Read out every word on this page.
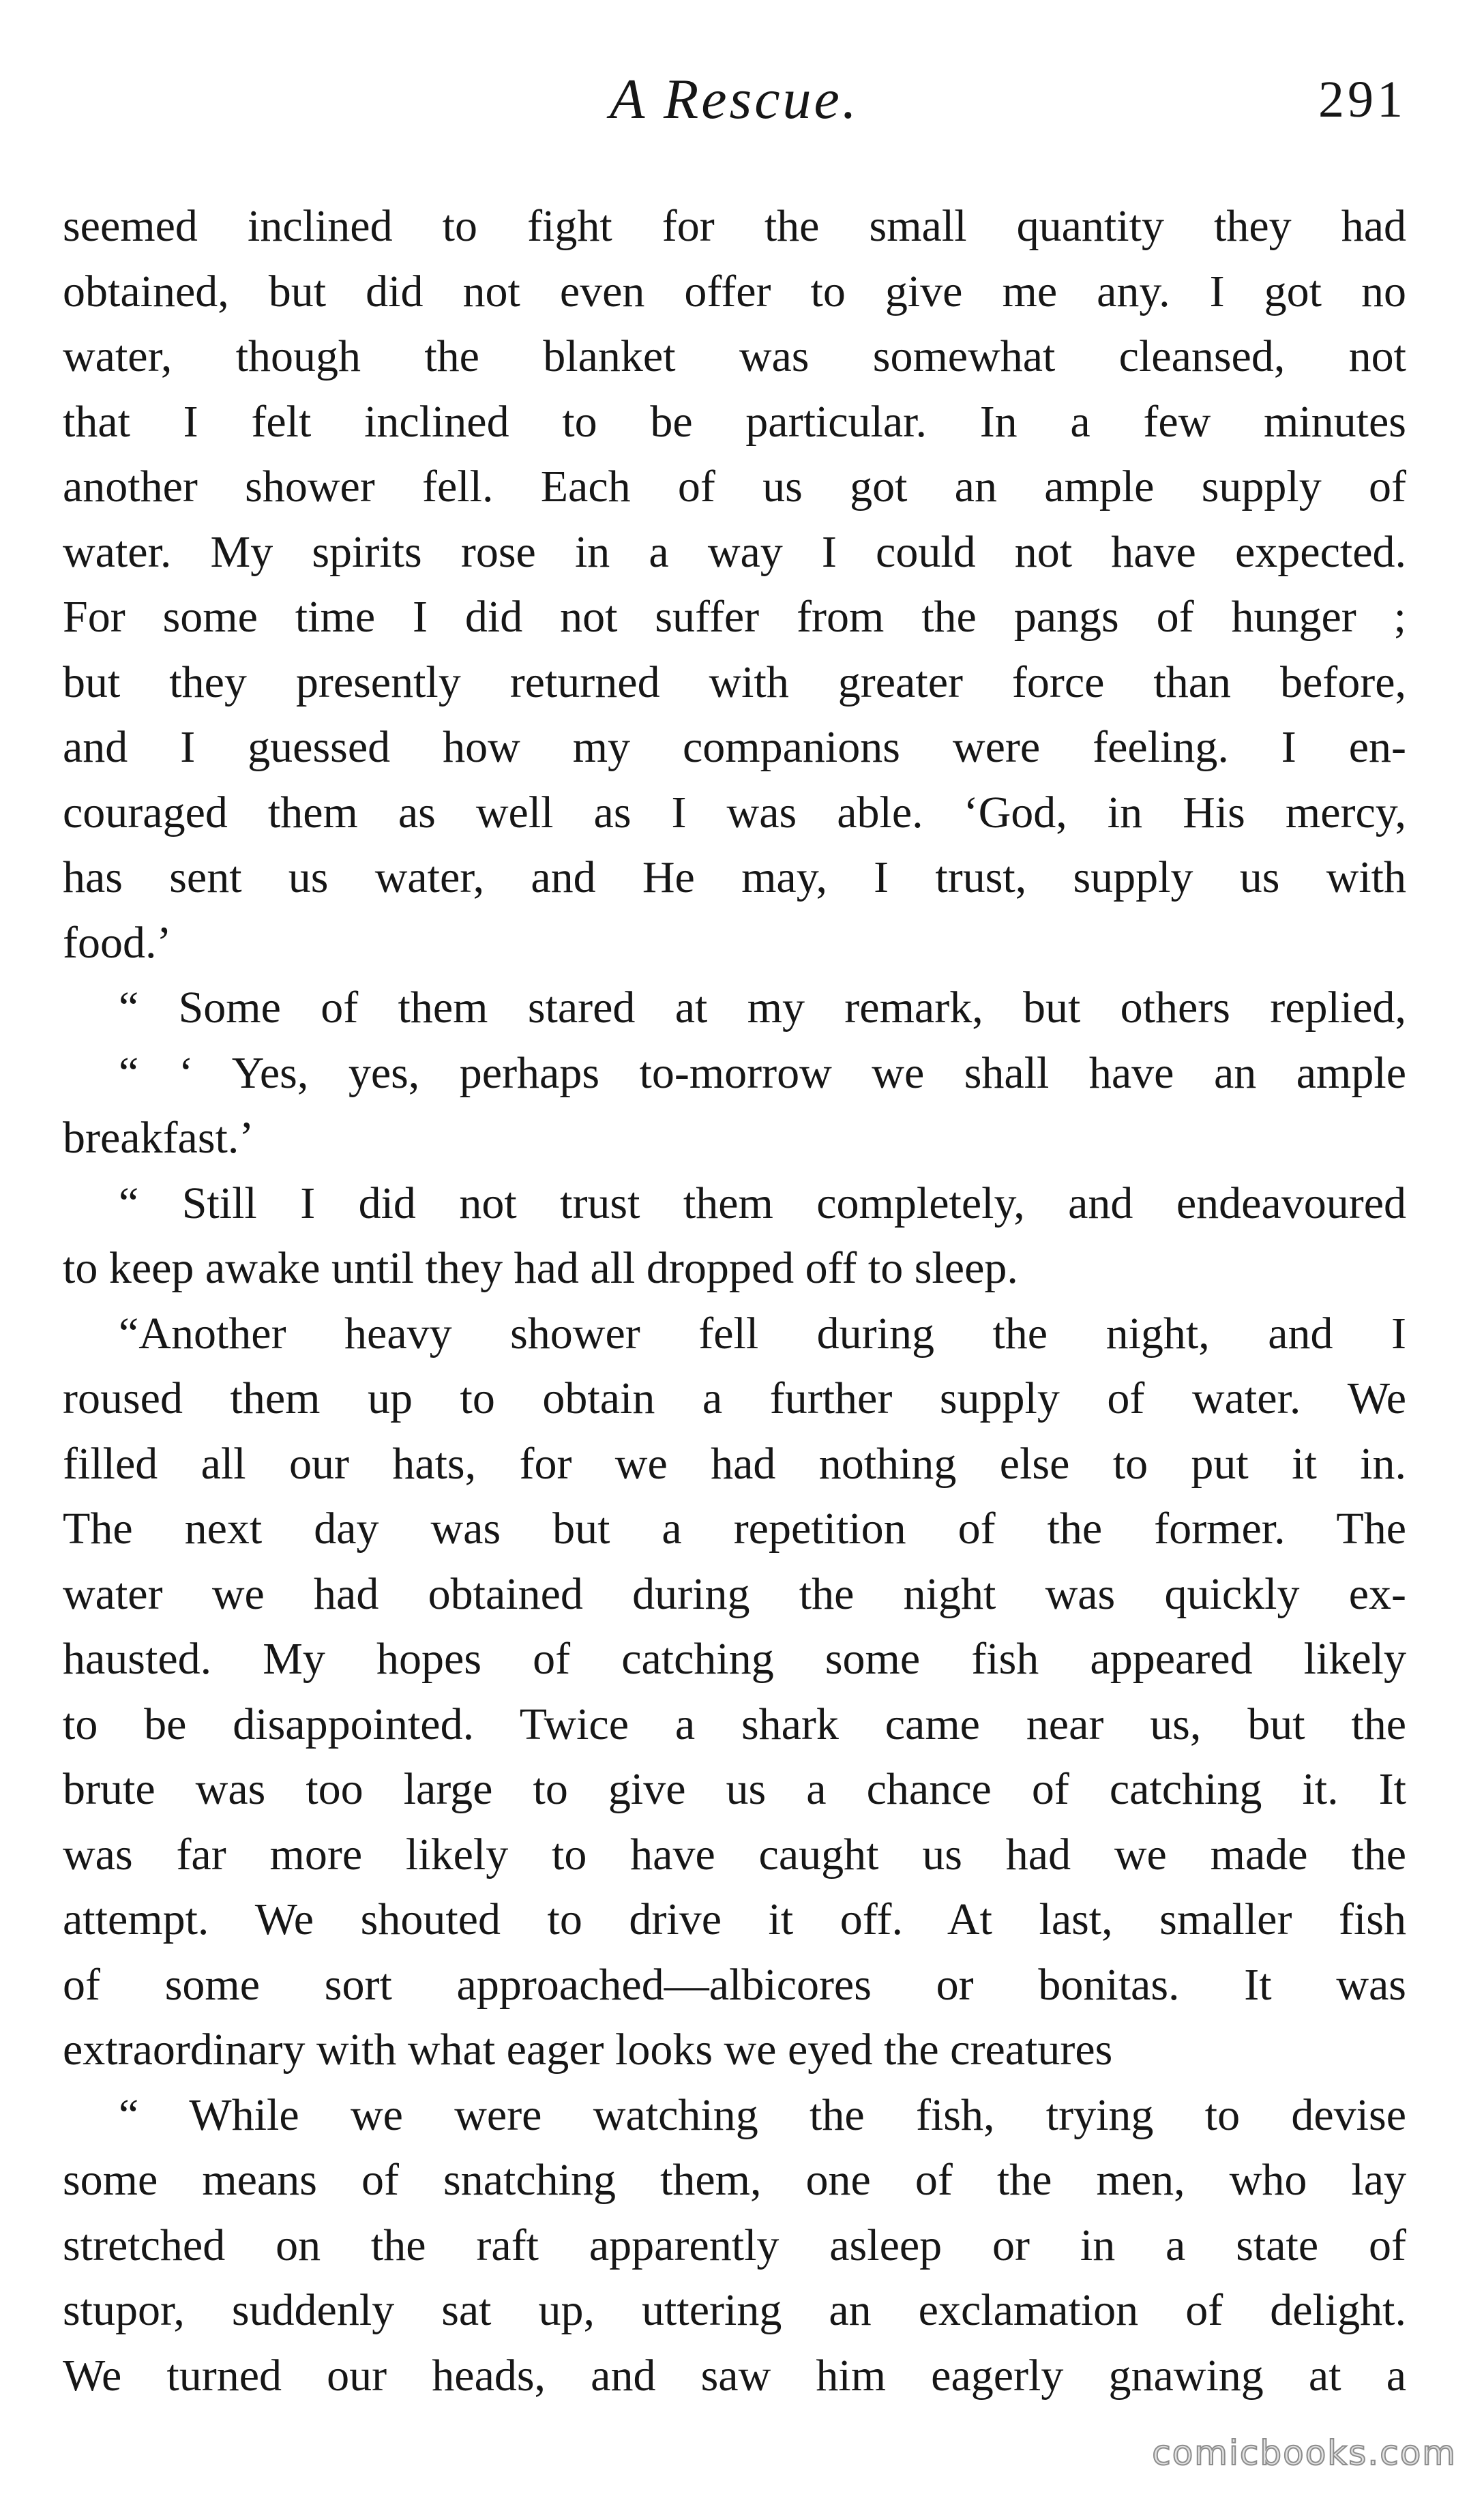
A Rescue.	291
seemed inclined to fight for the small quantity they had
obtained, but did not even offer to give me any. I got no
water, though the blanket was somewhat cleansed, not
that I felt inclined to be particular. In a few minutes
another shower fell. Each of us got an ample supply of
water. My spirits rose in a way I could not have expected.
For some time I did not suffer from the pangs of hunger ;
but they presently returned with greater force than before,
and I guessed how my companions were feeling. I en-
couraged them as well as I was able. ‘God, in His mercy,
has sent us water, and He may, I trust, supply us with
food.’
“ Some of them stared at my remark, but others replied,
“ ‘ Yes, yes, perhaps to-morrow we shall have an ample
breakfast.’
“ Still I did not trust them completely, and endeavoured
to keep awake until they had all dropped off to sleep.
“Another heavy shower fell during the night, and I
roused them up to obtain a further supply of water. We
filled all our hats, for we had nothing else to put it in.
The next day was but a repetition of the former. The
water we had obtained during the night was quickly ex-
hausted. My hopes of catching some fish appeared likely
to be disappointed. Twice a shark came near us, but the
brute was too large to give us a chance of catching it. It
was far more likely to have caught us had we made the
attempt. We shouted to drive it off. At last, smaller fish
of some sort approached—albicores or bonitas. It was
extraordinary with what eager looks we eyed the creatures
“ While we were watching the fish, trying to devise
some means of snatching them, one of the men, who lay
stretched on the raft apparently asleep or in a state of
stupor, suddenly sat up, uttering an exclamation of delight.
We turned our heads, and saw him eagerly gnawing at a
comicbooks.com
